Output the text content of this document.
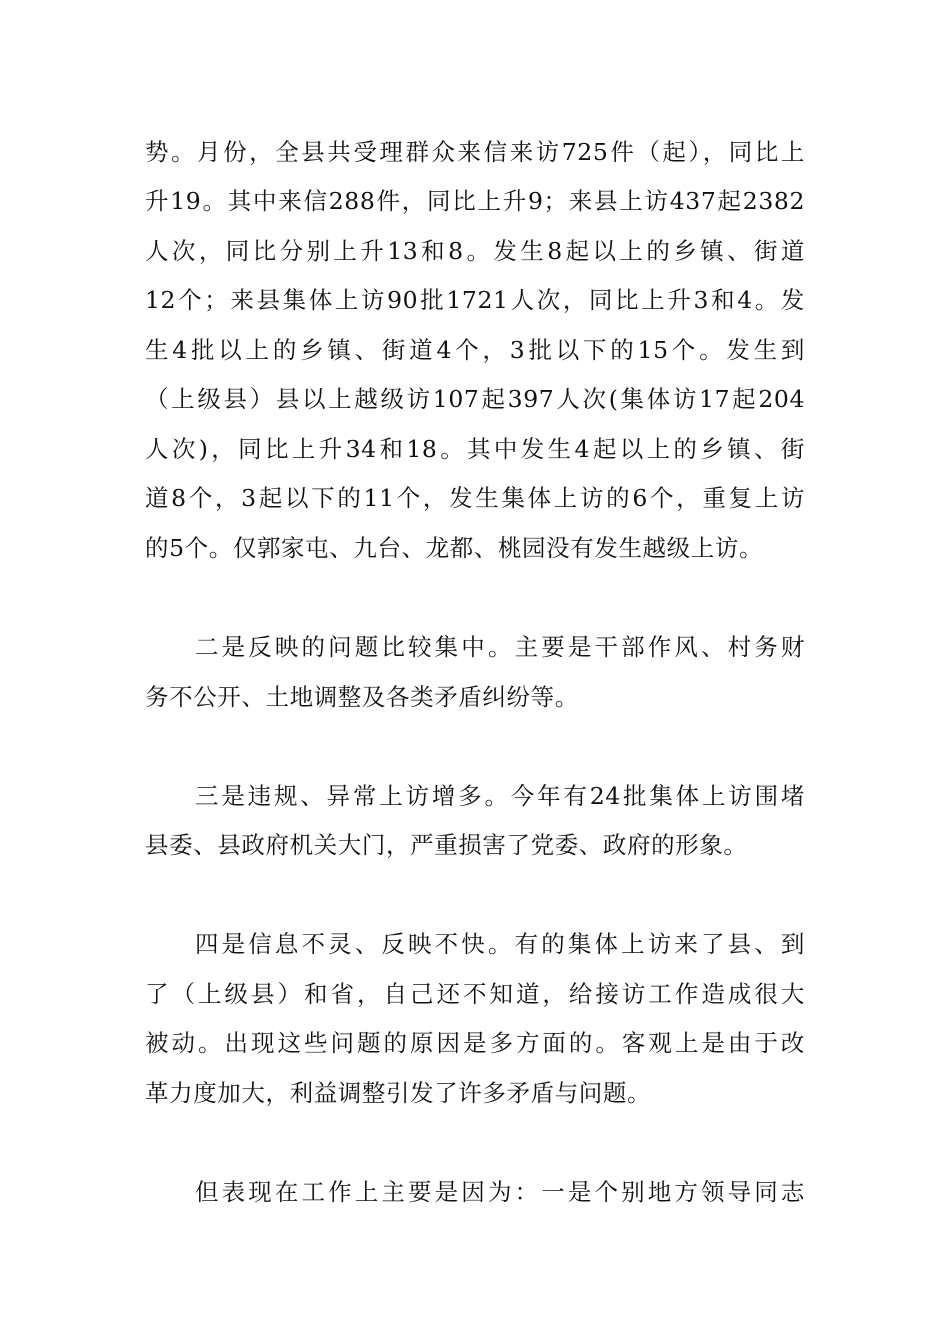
势。月份，全县共受理群众来信来访725件（起），同比上
升19。其中来信288件，同比上升9；来县上访437起2382
人次，同比分别上升13和8。发生8起以上的乡镇、街道
12个；来县集体上访90批1721人次，同比上升3和4。发
生4批以上的乡镇、街道4个，3批以下的15个。发生到
（上级县）县以上越级访107起397人次(集体访17起204
人次)，同比上升34和18。其中发生4起以上的乡镇、街
道8个，3起以下的11个，发生集体上访的6个，重复上访
的5个。仅郭家屯、九台、龙都、桃园没有发生越级上访。
二是反映的问题比较集中。主要是干部作风、村务财
务不公开、土地调整及各类矛盾纠纷等。
三是违规、异常上访增多。今年有24批集体上访围堵
县委、县政府机关大门，严重损害了党委、政府的形象。
四是信息不灵、反映不快。有的集体上访来了县、到
了（上级县）和省，自己还不知道，给接访工作造成很大
被动。出现这些问题的原因是多方面的。客观上是由于改
革力度加大，利益调整引发了许多矛盾与问题。
但表现在工作上主要是因为：一是个别地方领导同志
